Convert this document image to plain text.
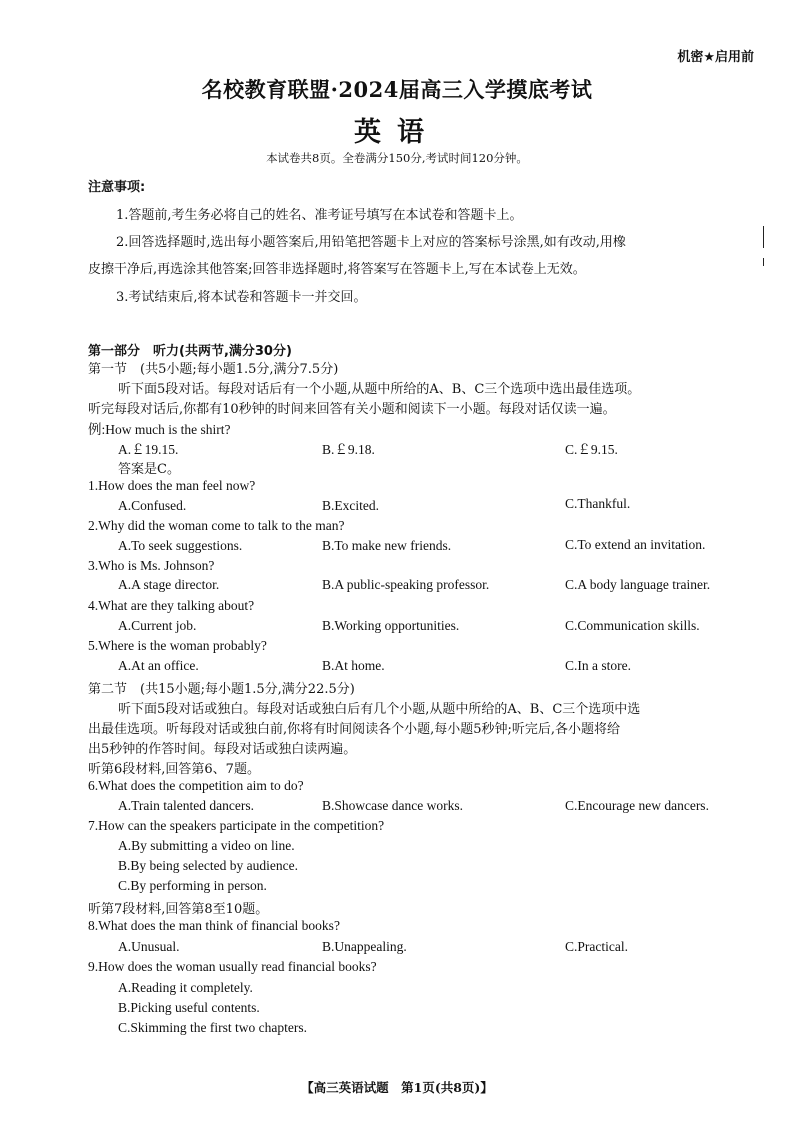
机密★启用前
名校教育联盟·2024届高三入学摸底考试
英语
本试卷共8页。全卷满分150分,考试时间120分钟。
注意事项:
1.答题前,考生务必将自己的姓名、准考证号填写在本试卷和答题卡上。
2.回答选择题时,选出每小题答案后,用铅笔把答题卡上对应的答案标号涂黑,如有改动,用橡
皮擦干净后,再选涂其他答案;回答非选择题时,将答案写在答题卡上,写在本试卷上无效。
3.考试结束后,将本试卷和答题卡一并交回。
第一部分　听力(共两节,满分30分)
第一节　(共5小题;每小题1.5分,满分7.5分)
听下面5段对话。每段对话后有一个小题,从题中所给的A、B、C三个选项中选出最佳选项。
听完每段对话后,你都有10秒钟的时间来回答有关小题和阅读下一小题。每段对话仅读一遍。
例:How much is the shirt?
A.￡19.15.	B.￡9.18.	C.￡9.15.
答案是C。
1.How does the man feel now?
A.Confused.	B.Excited.	C.Thankful.
2.Why did the woman come to talk to the man?
A.To seek suggestions.	B.To make new friends.	C.To extend an invitation.
3.Who is Ms. Johnson?
A.A stage director.	B.A public-speaking professor.	C.A body language trainer.
4.What are they talking about?
A.Current job.	B.Working opportunities.	C.Communication skills.
5.Where is the woman probably?
A.At an office.	B.At home.	C.In a store.
第二节　(共15小题;每小题1.5分,满分22.5分)
听下面5段对话或独白。每段对话或独白后有几个小题,从题中所给的A、B、C三个选项中选
出最佳选项。听每段对话或独白前,你将有时间阅读各个小题,每小题5秒钟;听完后,各小题将给
出5秒钟的作答时间。每段对话或独白读两遍。
听第6段材料,回答第6、7题。
6.What does the competition aim to do?
A.Train talented dancers.	B.Showcase dance works.	C.Encourage new dancers.
7.How can the speakers participate in the competition?
A.By submitting a video on line.
B.By being selected by audience.
C.By performing in person.
听第7段材料,回答第8至10题。
8.What does the man think of financial books?
A.Unusual.	B.Unappealing.	C.Practical.
9.How does the woman usually read financial books?
A.Reading it completely.
B.Picking useful contents.
C.Skimming the first two chapters.
【高三英语试题　第1页(共8页)】
